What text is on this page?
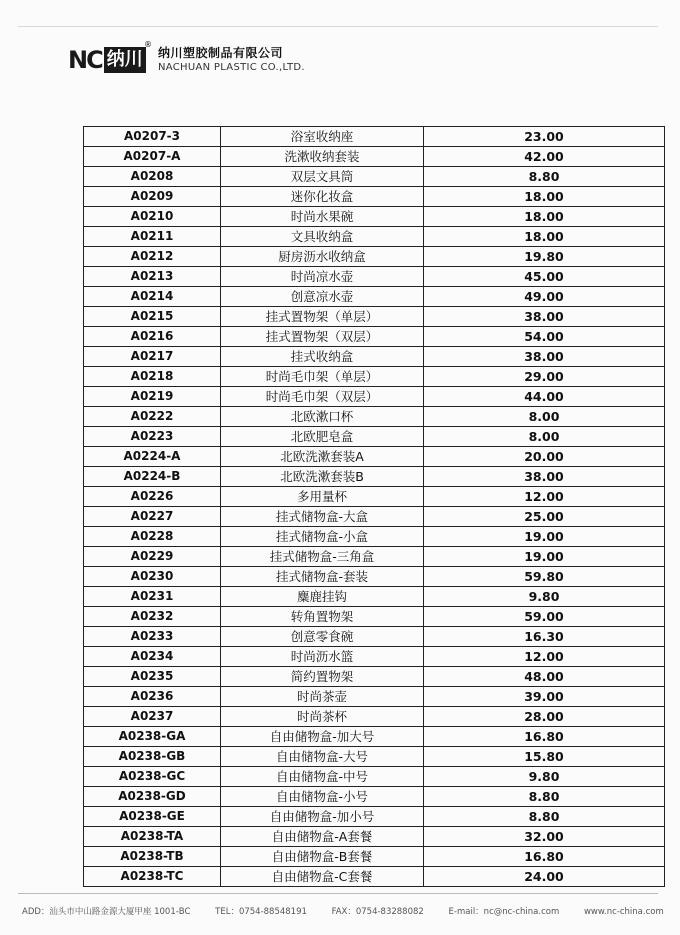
NC 纳川
®
纳川塑胶制品有限公司
NACHUAN PLASTIC CO.,LTD.
A0207-3	浴室收纳座	23.00
A0207-A	洗漱收纳套装	42.00
A0208	双层文具筒	8.80
A0209	迷你化妆盒	18.00
A0210	时尚水果碗	18.00
A0211	文具收纳盒	18.00
A0212	厨房沥水收纳盒	19.80
A0213	时尚凉水壶	45.00
A0214	创意凉水壶	49.00
A0215	挂式置物架（单层）	38.00
A0216	挂式置物架（双层）	54.00
A0217	挂式收纳盒	38.00
A0218	时尚毛巾架（单层）	29.00
A0219	时尚毛巾架（双层）	44.00
A0222	北欧漱口杯	8.00
A0223	北欧肥皂盒	8.00
A0224-A	北欧洗漱套装A	20.00
A0224-B	北欧洗漱套装B	38.00
A0226	多用量杯	12.00
A0227	挂式储物盒-大盒	25.00
A0228	挂式储物盒-小盒	19.00
A0229	挂式储物盒-三角盒	19.00
A0230	挂式储物盒-套装	59.80
A0231	麋鹿挂钩	9.80
A0232	转角置物架	59.00
A0233	创意零食碗	16.30
A0234	时尚沥水篮	12.00
A0235	简约置物架	48.00
A0236	时尚茶壶	39.00
A0237	时尚茶杯	28.00
A0238-GA	自由储物盒-加大号	16.80
A0238-GB	自由储物盒-大号	15.80
A0238-GC	自由储物盒-中号	9.80
A0238-GD	自由储物盒-小号	8.80
A0238-GE	自由储物盒-加小号	8.80
A0238-TA	自由储物盒-A套餐	32.00
A0238-TB	自由储物盒-B套餐	16.80
A0238-TC	自由储物盒-C套餐	24.00
ADD：汕头市中山路金源大厦甲座 1001-BC	TEL：0754-88548191	FAX：0754-83288082	E-mail：nc@nc-china.com	www.nc-china.com
